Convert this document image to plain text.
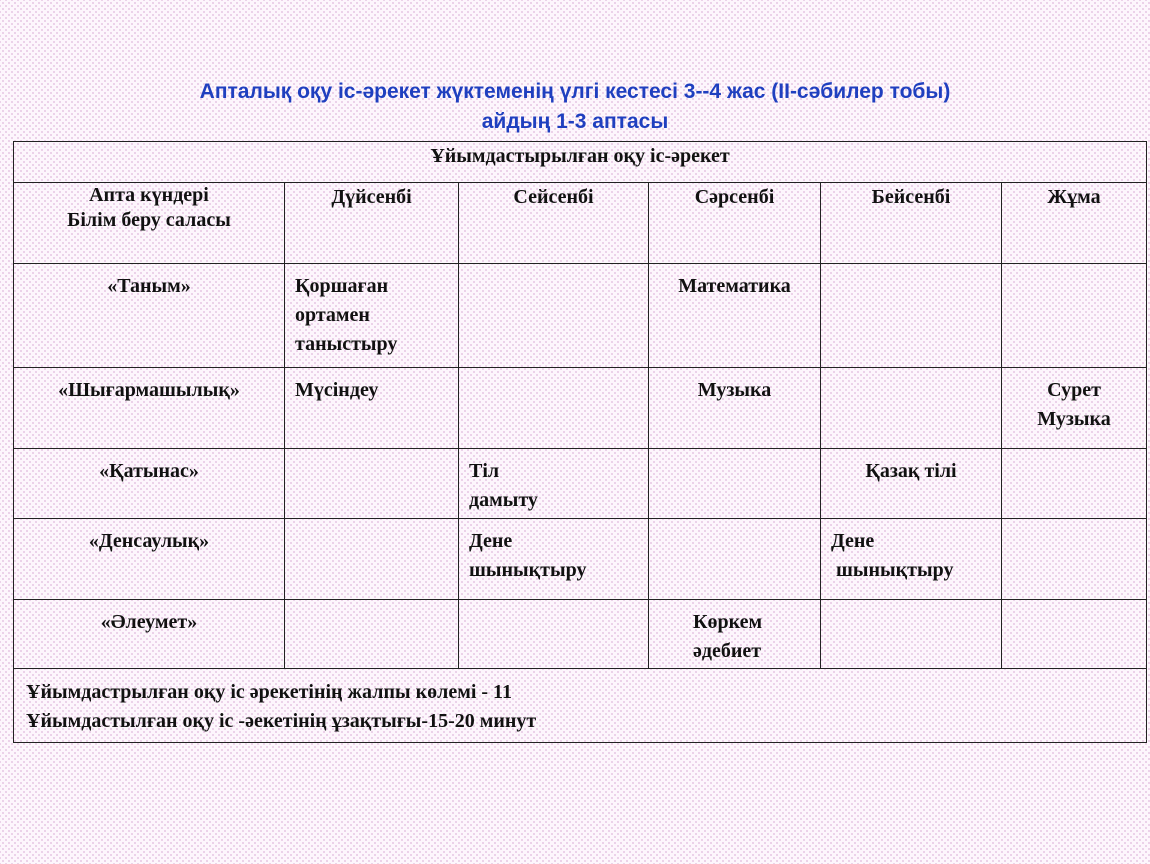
Апталық оқу іс-әрекет жүктеменің үлгі кестесі 3--4 жас (ІІ-сәбилер тобы)
айдың 1-3 аптасы
Ұйымдастырылған оқу іс-әрекет					

Апта күндері
Білім беру саласы	Дүйсенбі	Сейсенбі	Сәрсенбі	Бейсенбі	Жұма

«Таным»	Қоршаған
ортамен
таныстыру		Математика		

«Шығармашылық»	Мүсіндеу		Музыка		Сурет
Музыка

«Қатынас»		Тіл
дамыту		Қазақ тілі	

«Денсаулық»		Дене
шынықтыру		Дене
шынықтыру	

«Әлеумет»			Көркем
әдебиет		

Ұйымдастрылған оқу іс әрекетінің жалпы көлемі - 11
Ұйымдастылған оқу іс -әекетінің ұзақтығы-15-20 минут					
